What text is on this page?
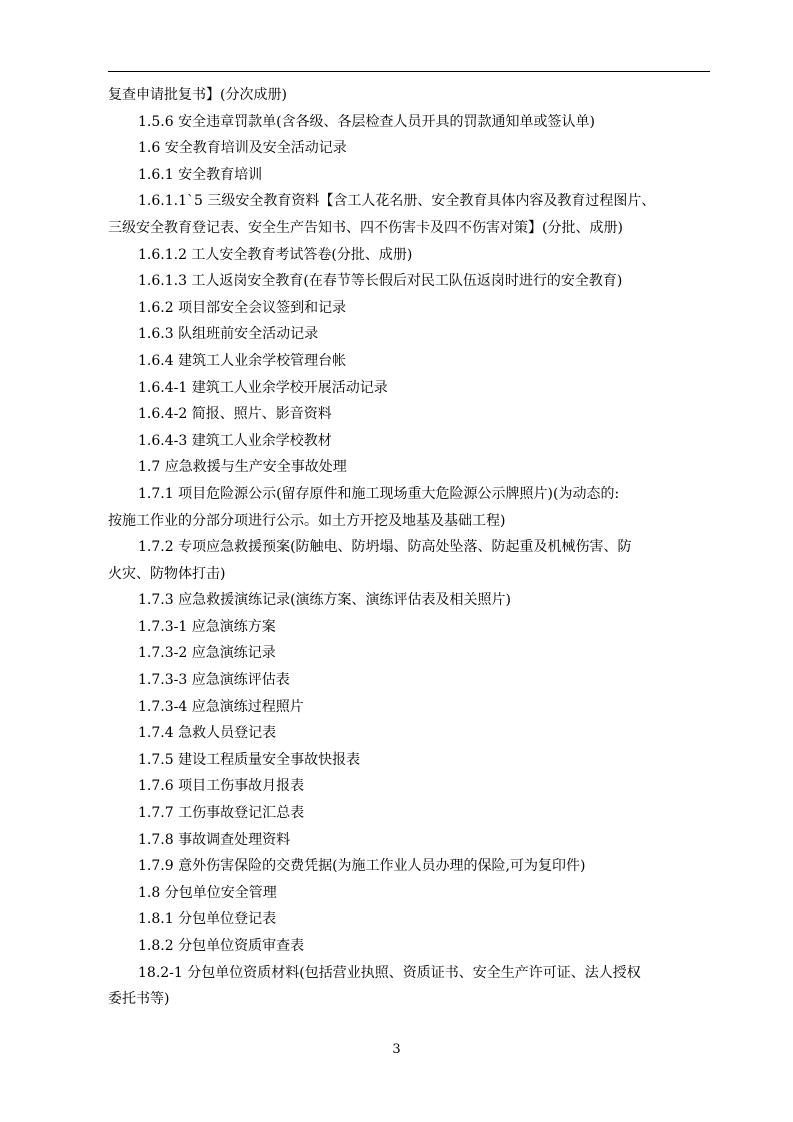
复查申请批复书】(分次成册)
1.5.6 安全违章罚款单(含各级、各层检查人员开具的罚款通知单或签认单)
1.6 安全教育培训及安全活动记录
1.6.1 安全教育培训
1.6.1.1`5 三级安全教育资料【含工人花名册、安全教育具体内容及教育过程图片、
三级安全教育登记表、安全生产告知书、四不伤害卡及四不伤害对策】(分批、成册)
1.6.1.2 工人安全教育考试答卷(分批、成册)
1.6.1.3 工人返岗安全教育(在春节等长假后对民工队伍返岗时进行的安全教育)
1.6.2 项目部安全会议签到和记录
1.6.3 队组班前安全活动记录
1.6.4 建筑工人业余学校管理台帐
1.6.4-1 建筑工人业余学校开展活动记录
1.6.4-2 简报、照片、影音资料
1.6.4-3 建筑工人业余学校教材
1.7 应急救援与生产安全事故处理
1.7.1 项目危险源公示(留存原件和施工现场重大危险源公示牌照片)(为动态的:
按施工作业的分部分项进行公示。如土方开挖及地基及基础工程)
1.7.2 专项应急救援预案(防触电、防坍塌、防高处坠落、防起重及机械伤害、防
火灾、防物体打击)
1.7.3 应急救援演练记录(演练方案、演练评估表及相关照片)
1.7.3-1 应急演练方案
1.7.3-2 应急演练记录
1.7.3-3 应急演练评估表
1.7.3-4 应急演练过程照片
1.7.4 急救人员登记表
1.7.5 建设工程质量安全事故快报表
1.7.6 项目工伤事故月报表
1.7.7 工伤事故登记汇总表
1.7.8 事故调查处理资料
1.7.9 意外伤害保险的交费凭据(为施工作业人员办理的保险,可为复印件)
1.8 分包单位安全管理
1.8.1 分包单位登记表
1.8.2 分包单位资质审查表
18.2-1 分包单位资质材料(包括营业执照、资质证书、安全生产许可证、法人授权
委托书等)
3
